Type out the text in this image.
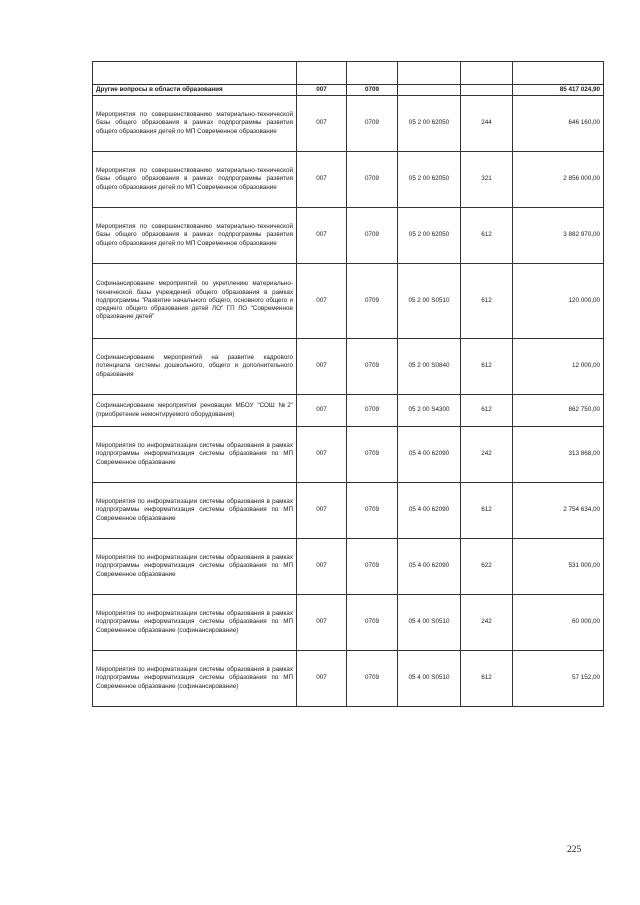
Другие вопросы в области образования	007	0709			85 417 024,90
Мероприятия по совершенствованию материально-технической базы общего образования в рамках подпрограммы развития общего образования детей по МП Современное образование	007	0709	05 2 00 62050	244	646 160,00
Мероприятия по совершенствованию материально-технической базы общего образования в рамках подпрограммы развития общего образования детей по МП Современное образование	007	0709	05 2 00 62050	321	2 856 000,00
Мероприятия по совершенствованию материально-технической базы общего образования в рамках подпрограммы развития общего образования детей по МП Современное образование	007	0709	05 2 00 62050	612	3 882 970,00
Софинансирование мероприятий по укреплению материально-технической базы учреждений общего образования в рамках подпрограммы "Развитие начального общего, основного общего и среднего общего образования детей ЛО" ГП ЛО "Современное образование детей"	007	0709	05 2 00 S0510	612	120 000,00
Софинансирование мероприятий на развитие кадрового потенциала системы дошкольного, общего и дополнительного образования	007	0709	05 2 00 S0840	612	12 000,00
Софинансирование мероприятия реновации МБОУ "СОШ №2" (приобретение немонтируемого оборудования)	007	0709	05 2 00 S4300	612	862 750,00
Мероприятия по информатизации системы образования в рамках подпрограммы информатизация системы образования по МП Современное образование	007	0709	05 4 00 62090	242	313 868,00
Мероприятия по информатизации системы образования в рамках подпрограммы информатизация системы образования по МП Современное образование	007	0709	05 4 00 62090	612	2 754 634,00
Мероприятия по информатизации системы образования в рамках подпрограммы информатизация системы образования по МП Современное образование	007	0709	05 4 00 62090	622	531 000,00
Мероприятия по информатизации системы образования в рамках подпрограммы информатизация системы образования по МП Современное образование (софинансирование)	007	0709	05 4 00 S0510	242	60 000,00
Мероприятия по информатизации системы образования в рамках подпрограммы информатизация системы образования по МП Современное образование (софинансирование)	007	0709	05 4 00 S0510	612	57 152,00
225
